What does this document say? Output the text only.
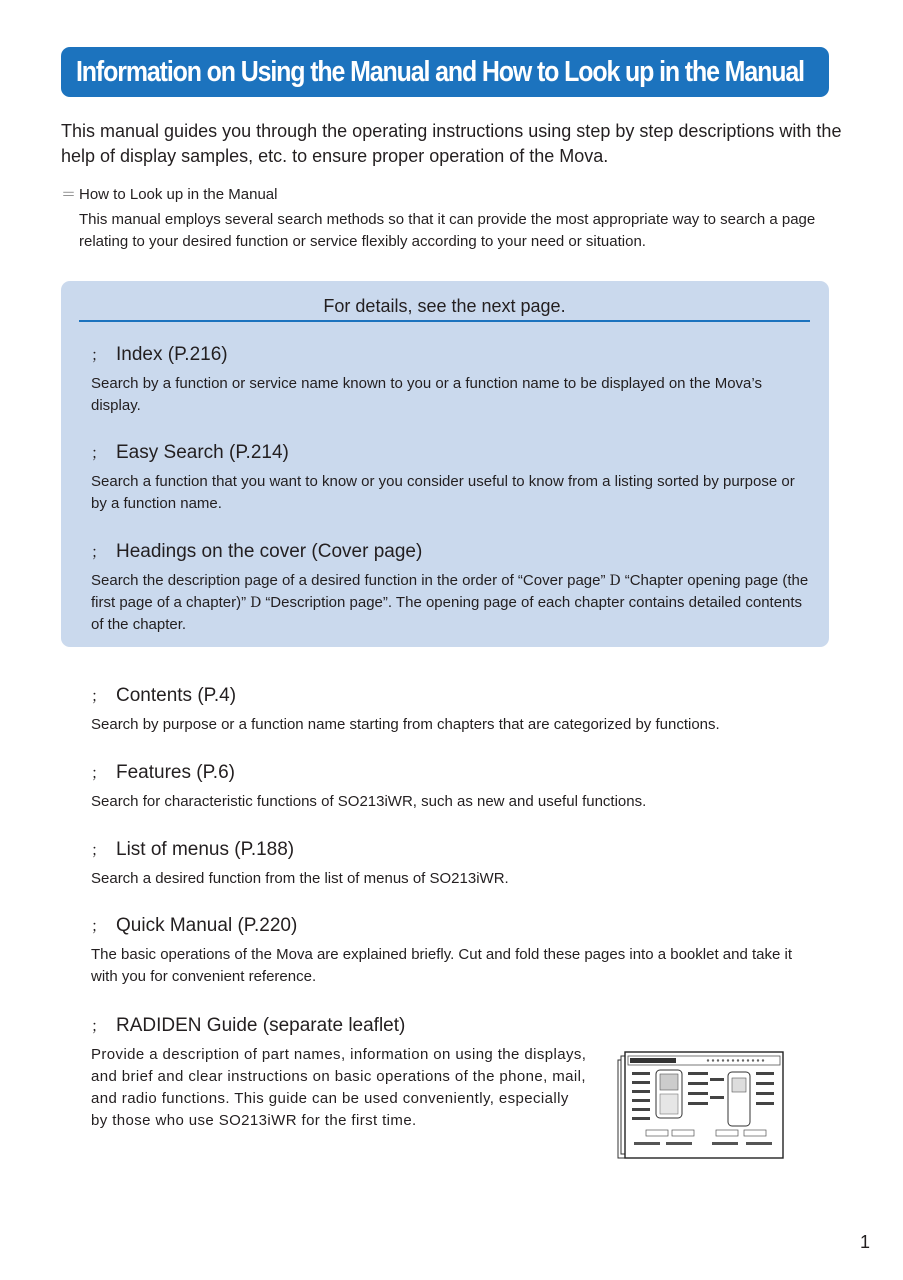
Information on Using the Manual and How to Look up in the Manual

This manual guides you through the operating instructions using step by step descriptions with the help of display samples, etc. to ensure proper operation of the Mova.

＝ How to Look up in the Manual

This manual employs several search methods so that it can provide the most appropriate way to search a page relating to your desired function or service flexibly according to your need or situation.

For details, see the next page.

； Index (P.216)

Search by a function or service name known to you or a function name to be displayed on the Mova’s display.

； Easy Search (P.214)

Search a function that you want to know or you consider useful to know from a listing sorted by purpose or by a function name.

； Headings on the cover (Cover page)

Search the description page of a desired function in the order of “Cover page” D “Chapter opening page (the first page of a chapter)” D “Description page”. The opening page of each chapter contains detailed contents of the chapter.

； Contents (P.4)

Search by purpose or a function name starting from chapters that are categorized by functions.

； Features (P.6)

Search for characteristic functions of SO213iWR, such as new and useful functions.

； List of menus (P.188)

Search a desired function from the list of menus of SO213iWR.

； Quick Manual (P.220)

The basic operations of the Mova are explained briefly. Cut and fold these pages into a booklet and take it with you for convenient reference.

； RADIDEN Guide (separate leaflet)

Provide a description of part names, information on using the displays, and brief and clear instructions on basic operations of the phone, mail, and radio functions. This guide can be used conveniently, especially by those who use SO213iWR for the first time.

1
